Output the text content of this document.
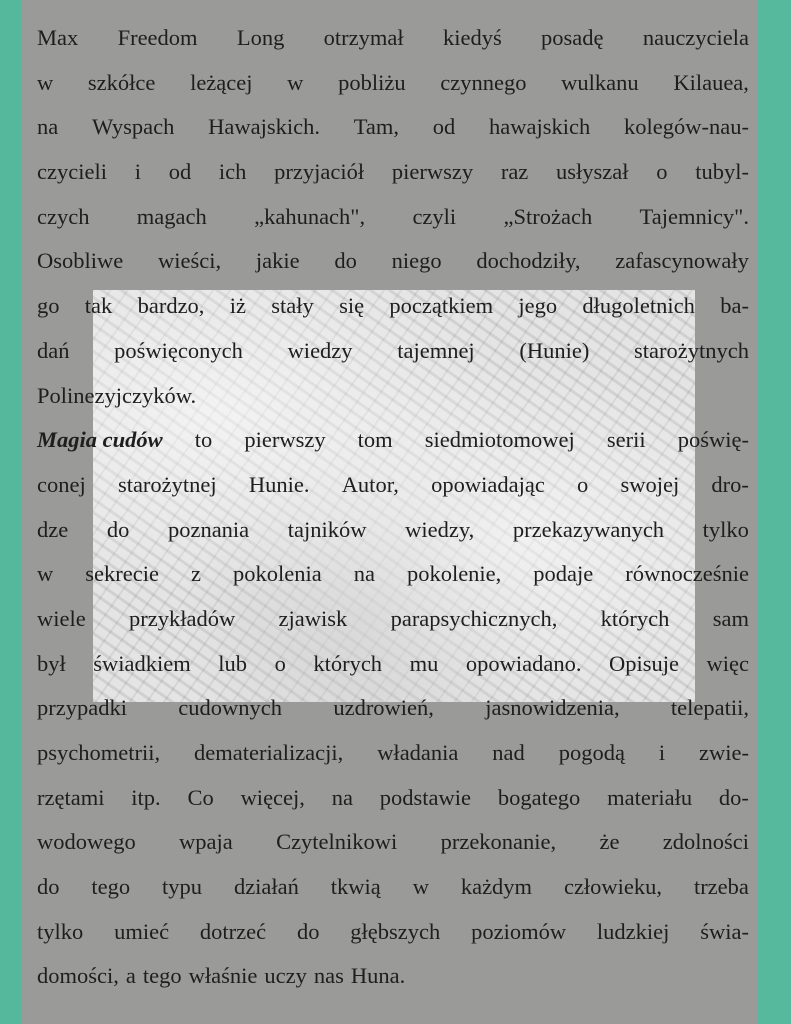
Max Freedom Long otrzymał kiedyś posadę nauczyciela
w szkółce leżącej w pobliżu czynnego wulkanu Kilauea,
na Wyspach Hawajskich. Tam, od hawajskich kolegów-nau-
czycieli i od ich przyjaciół pierwszy raz usłyszał o tubyl-
czych magach „kahunach", czyli „Strożach Tajemnicy".
Osobliwe wieści, jakie do niego dochodziły, zafascynowały
go tak bardzo, iż stały się początkiem jego długoletnich ba-
dań poświęconych wiedzy tajemnej (Hunie) starożytnych
Polinezyjczyków.
Magia cudów to pierwszy tom siedmiotomowej serii poświę-
conej starożytnej Hunie. Autor, opowiadając o swojej dro-
dze do poznania tajników wiedzy, przekazywanych tylko
w sekrecie z pokolenia na pokolenie, podaje równocześnie
wiele przykładów zjawisk parapsychicznych, których sam
był świadkiem lub o których mu opowiadano. Opisuje więc
przypadki cudownych uzdrowień, jasnowidzenia, telepatii,
psychometrii, dematerializacji, władania nad pogodą i zwie-
rzętami itp. Co więcej, na podstawie bogatego materiału do-
wodowego wpaja Czytelnikowi przekonanie, że zdolności
do tego typu działań tkwią w każdym człowieku, trzeba
tylko umieć dotrzeć do głębszych poziomów ludzkiej świa-
domości, a tego właśnie uczy nas Huna.
